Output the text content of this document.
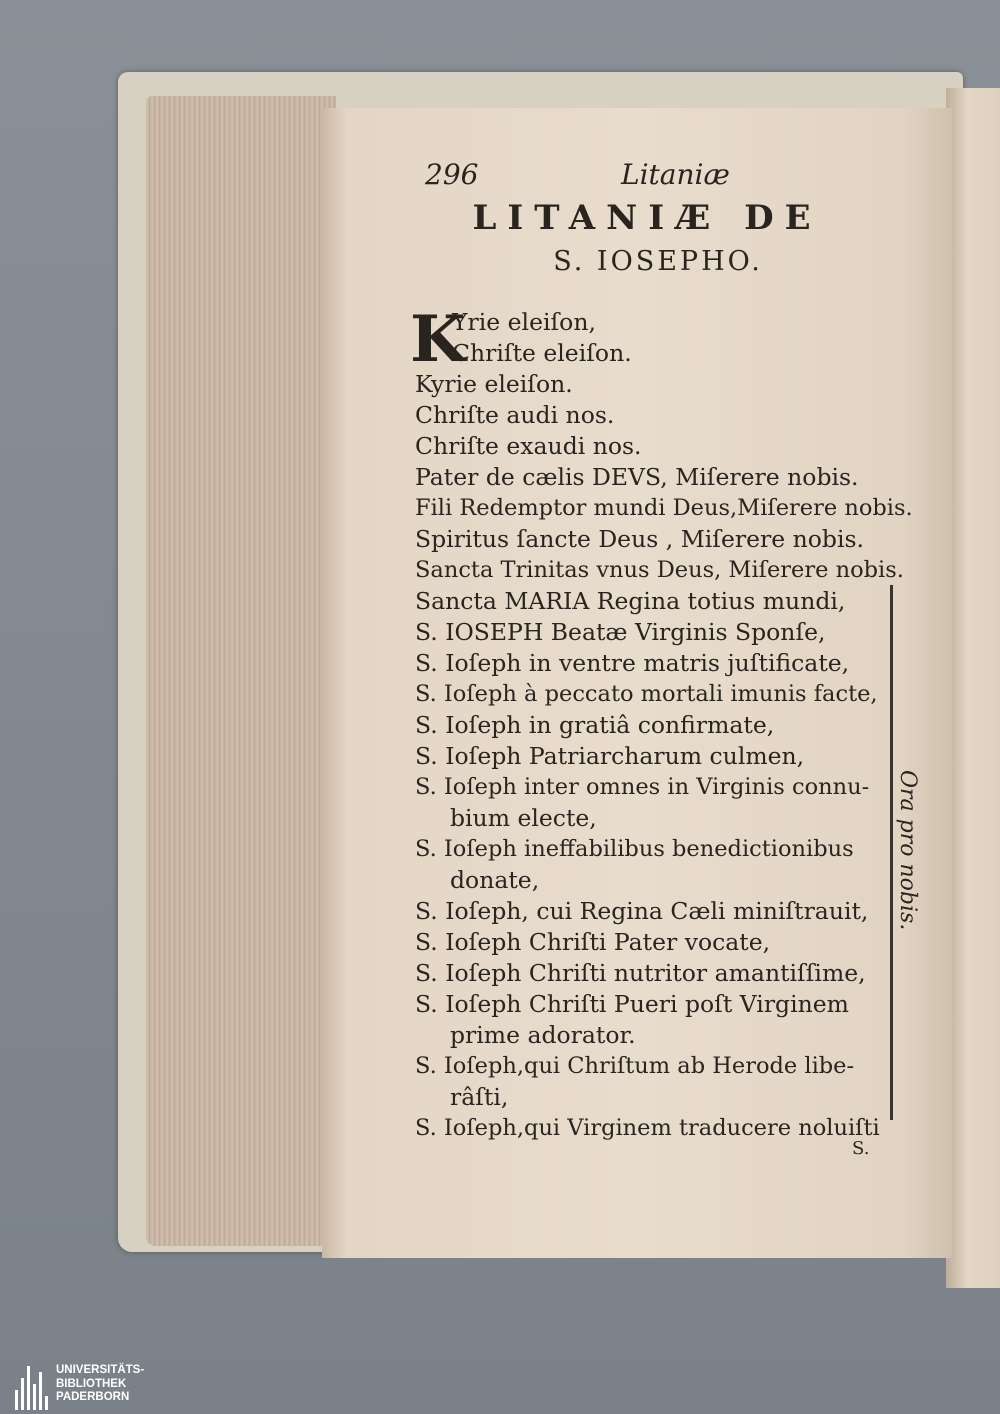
296	Litaniæ
LITANIÆ DE
S. IOSEPHO.
K
Yrie eleiſon,
Chriſte eleiſon.
Kyrie eleiſon.
Chriſte audi nos.
Chriſte exaudi nos.
Pater de cælis DEVS, Miſerere nobis.
Fili Redemptor mundi Deus,Miſerere nobis.
Spiritus ſancte Deus , Miſerere nobis.
Sancta Trinitas vnus Deus, Miſerere nobis.
Sancta MARIA Regina totius mundi,
S. IOSEPH Beatæ Virginis Sponſe,
S. Ioſeph in ventre matris juſtificate,
S. Ioſeph à peccato mortali imunis facte,
S. Ioſeph in gratiâ confirmate,
S. Ioſeph Patriarcharum culmen,
S. Ioſeph inter omnes in Virginis connu-
bium electe,
S. Ioſeph ineffabilibus benedictionibus
donate,
S. Ioſeph, cui Regina Cæli miniſtrauit,
S. Ioſeph Chriſti Pater vocate,
S. Ioſeph Chriſti nutritor amantiſſime,
S. Ioſeph Chriſti Pueri poſt Virginem
prime adorator.
S. Ioſeph,qui Chriſtum ab Herode libe-
râſti,
S. Ioſeph,qui Virginem traducere noluiſti
Ora pro nobis.
S.
UNIVERSITÄTS-
BIBLIOTHEK
PADERBORN
